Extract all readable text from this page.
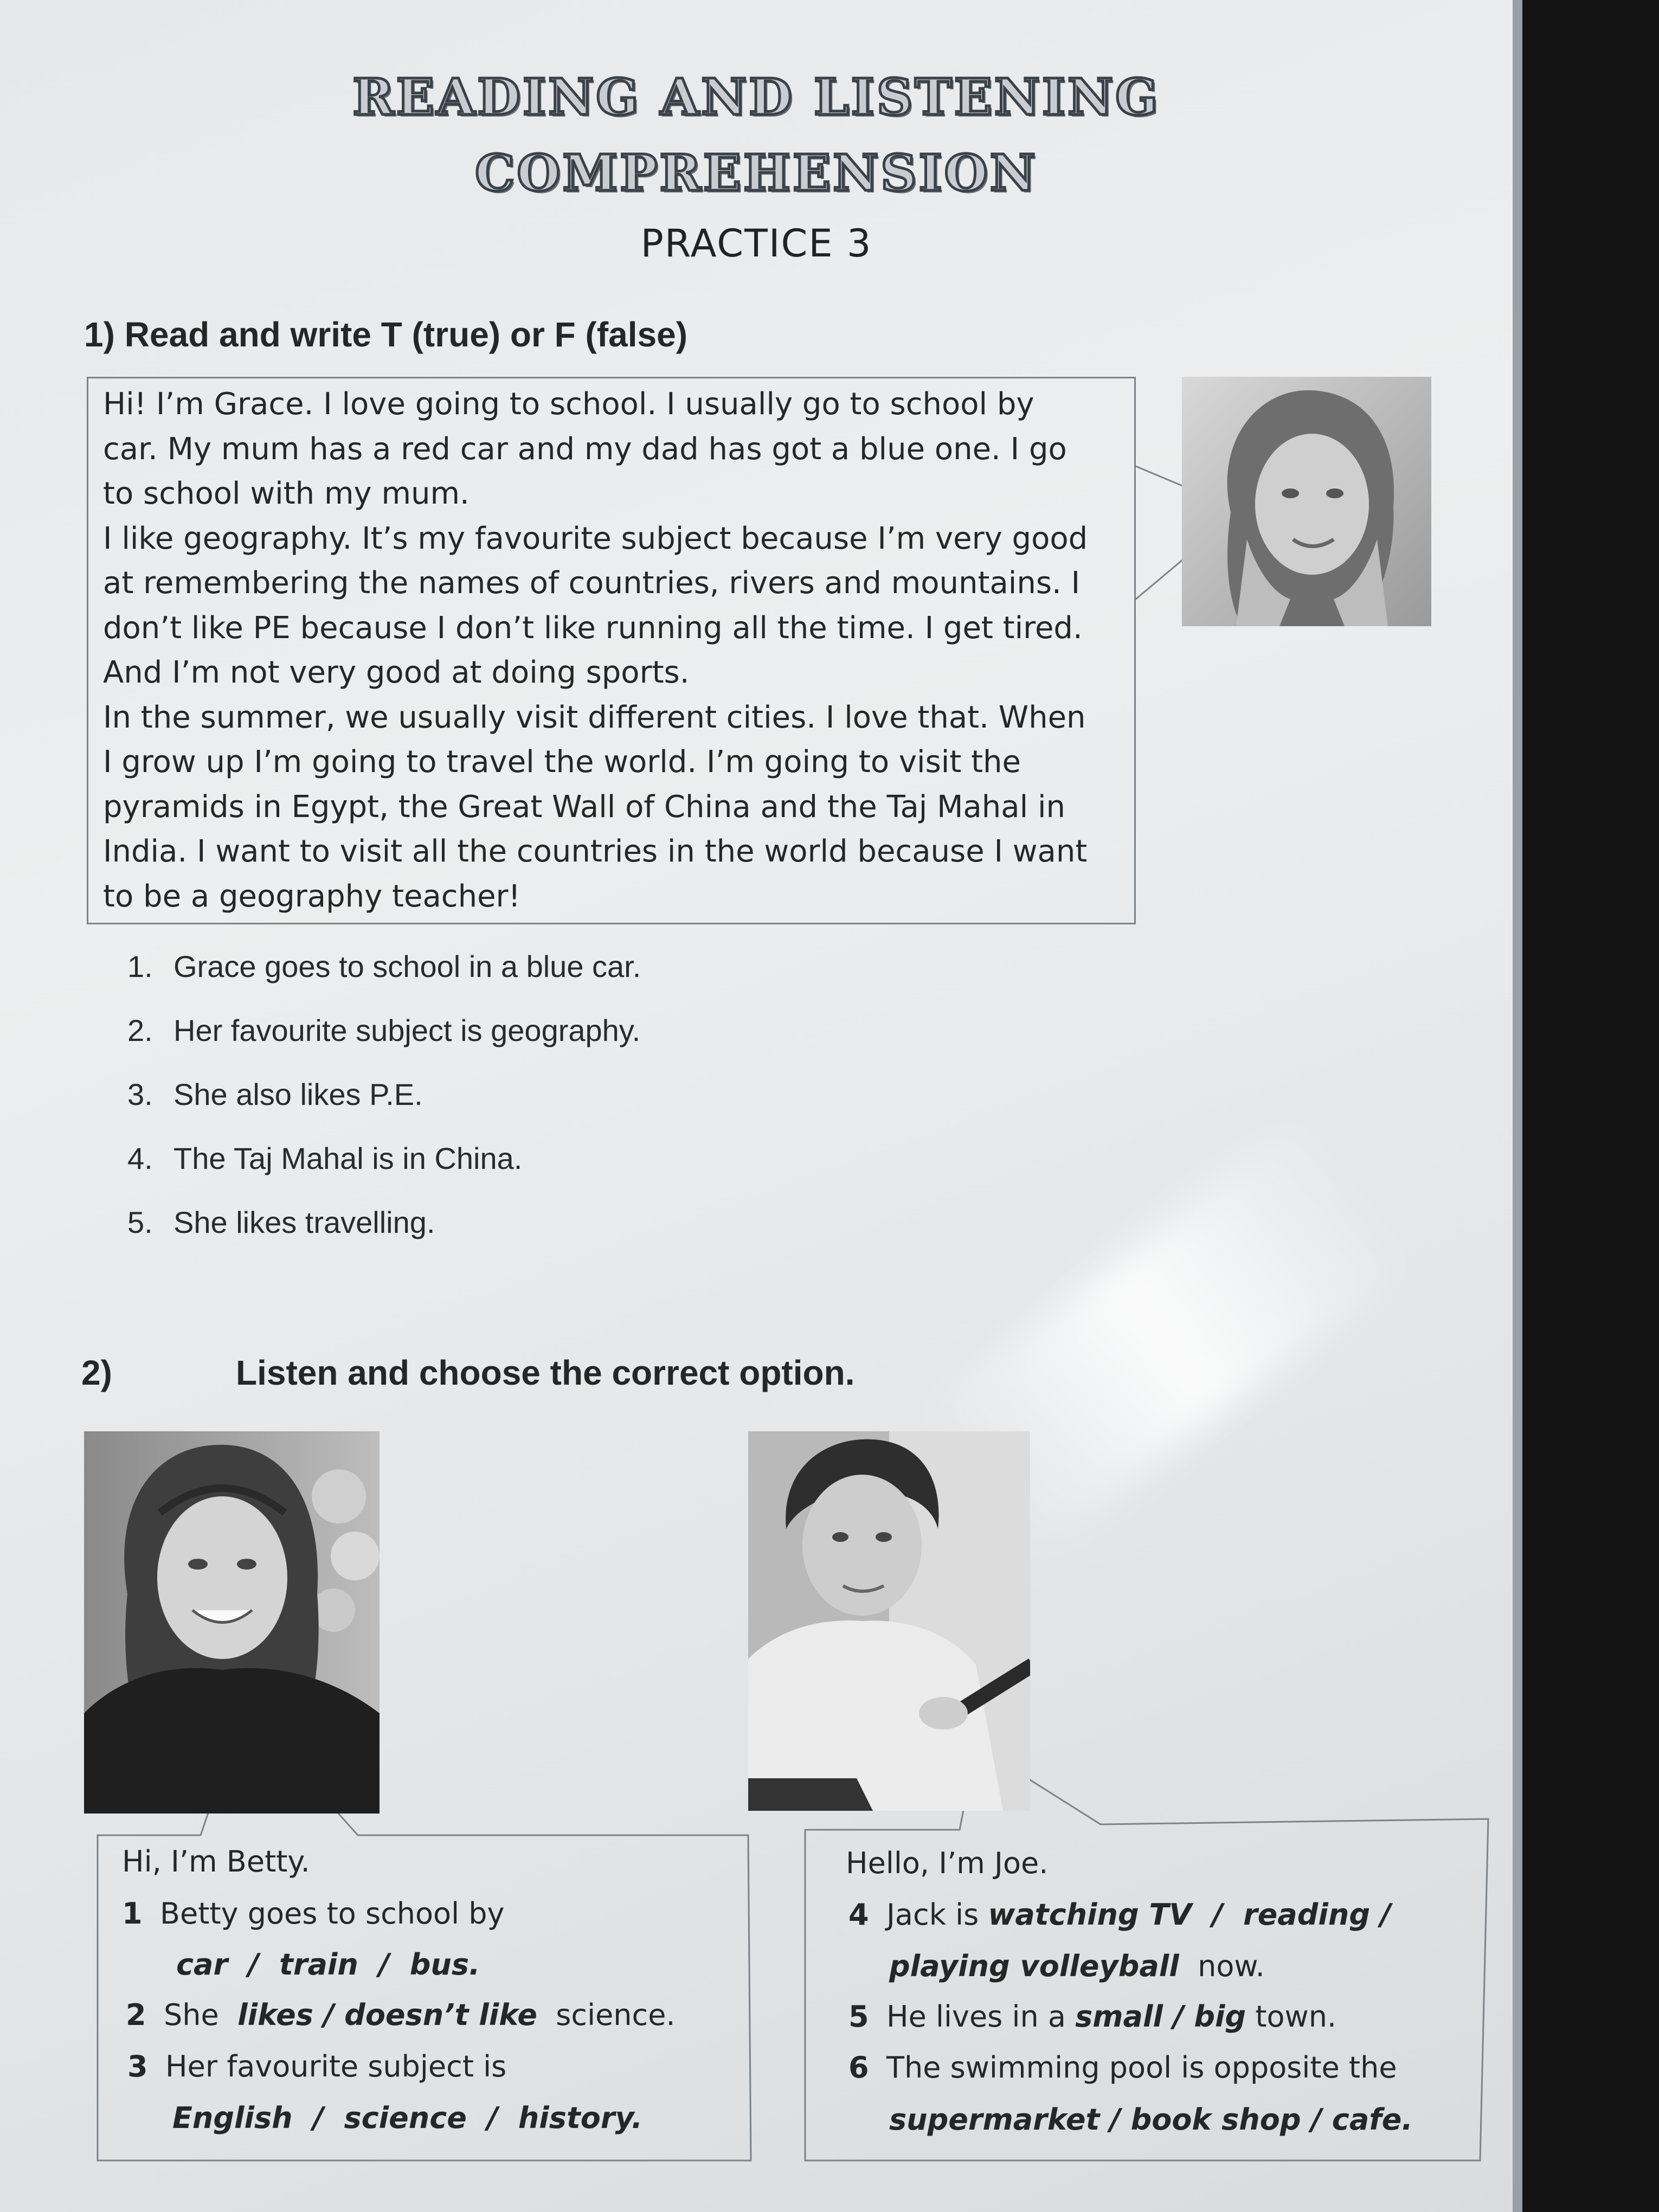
READING AND LISTENING
COMPREHENSION
PRACTICE 3
1) Read and write T (true) or F (false)
Hi! I’m Grace. I love going to school. I usually go to school by
car. My mum has a red car and my dad has got a blue one. I go
to school with my mum.
I like geography. It’s my favourite subject because I’m very good
at remembering the names of countries, rivers and mountains. I
don’t like PE because I don’t like running all the time. I get tired.
And I’m not very good at doing sports.
In the summer, we usually visit different cities. I love that. When
I grow up I’m going to travel the world. I’m going to visit the
pyramids in Egypt, the Great Wall of China and the Taj Mahal in
India. I want to visit all the countries in the world because I want
to be a geography teacher!
1. Grace goes to school in a blue car.
2. Her favourite subject is geography.
3. She also likes P.E.
4. The Taj Mahal is in China.
5. She likes travelling.
2)	Listen and choose the correct option.
Hi, I’m Betty.
1 Betty goes to school by
car  /  train  /  bus.
2 She likes / doesn’t like science.
3 Her favourite subject is
English  /  science  /  history.
Hello, I’m Joe.
4 Jack is watching TV  /  reading /
playing volleyball now.
5 He lives in a small / big town.
6 The swimming pool is opposite the
supermarket / book shop / cafe.
